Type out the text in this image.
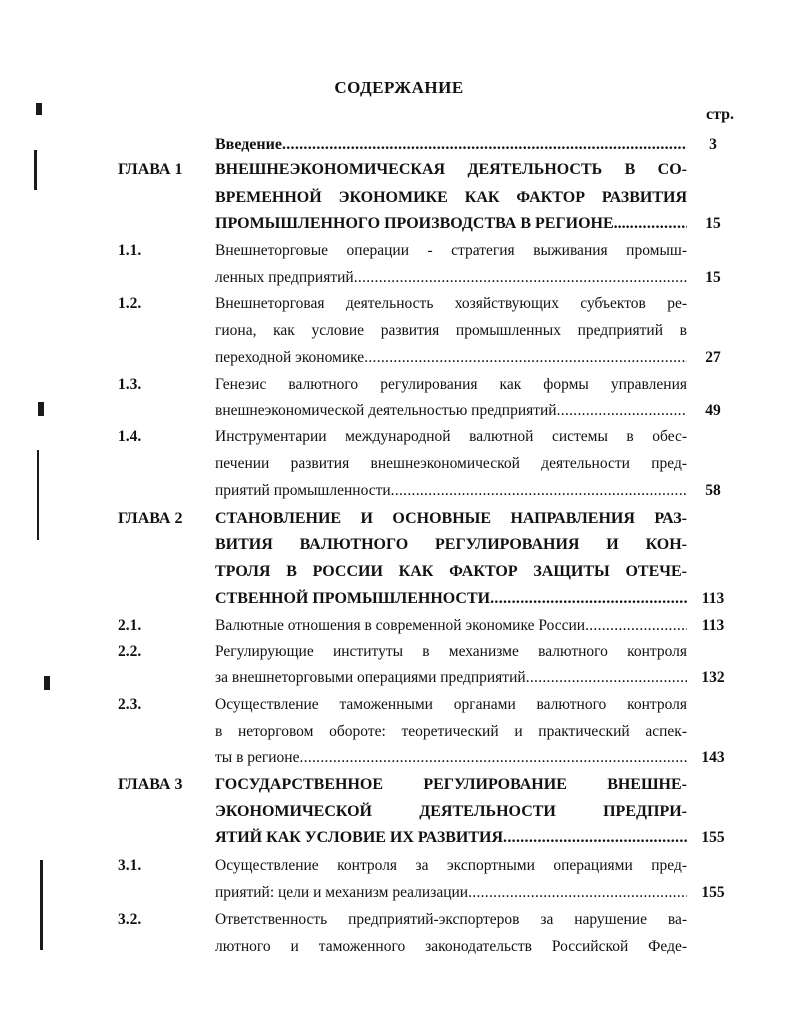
СОДЕРЖАНИЕ
стр.
Введение .....	3
ГЛАВА 1 ВНЕШНЕЭКОНОМИЧЕСКАЯ ДЕЯТЕЛЬНОСТЬ В СО-
ВРЕМЕННОЙ ЭКОНОМИКЕ КАК ФАКТОР РАЗВИТИЯ
ПРОМЫШЛЕННОГО ПРОИЗВОДСТВА В РЕГИОНЕ.... .....	15
1.1.	Внешнеторговые операции - стратегия выживания промыш-
ленных предприятий .....	15
1.2.	Внешнеторговая деятельность хозяйствующих субъектов ре-
гиона, как условие развития промышленных предприятий в
переходной экономике .....	27
1.3.	Генезис валютного регулирования как формы управления
внешнеэкономической деятельностью предприятий .....	49
1.4.	Инструментарии международной валютной системы в обес-
печении развития внешнеэкономической деятельности пред-
приятий промышленности .....	58
ГЛАВА 2 СТАНОВЛЕНИЕ И ОСНОВНЫЕ НАПРАВЛЕНИЯ РАЗ-
ВИТИЯ ВАЛЮТНОГО РЕГУЛИРОВАНИЯ И КОН-
ТРОЛЯ В РОССИИ КАК ФАКТОР ЗАЩИТЫ ОТЕЧЕ-
СТВЕННОЙ ПРОМЫШЛЕННОСТИ .....	113
2.1.	Валютные отношения в современной экономике России .....	113
2.2.	Регулирующие институты в механизме валютного контроля
за внешнеторговыми операциями предприятий .....	132
2.3.	Осуществление таможенными органами валютного контроля
в неторговом обороте: теоретический и практический аспек-
ты в регионе .....	143
ГЛАВА 3 ГОСУДАРСТВЕННОЕ РЕГУЛИРОВАНИЕ ВНЕШНЕ-
ЭКОНОМИЧЕСКОЙ ДЕЯТЕЛЬНОСТИ ПРЕДПРИ-
ЯТИЙ КАК УСЛОВИЕ ИХ РАЗВИТИЯ .....	155
3.1.	Осуществление контроля за экспортными операциями пред-
приятий: цели и механизм реализации .....	155
3.2.	Ответственность предприятий-экспортеров за нарушение ва-
лютного и таможенного законодательств Российской Феде-
